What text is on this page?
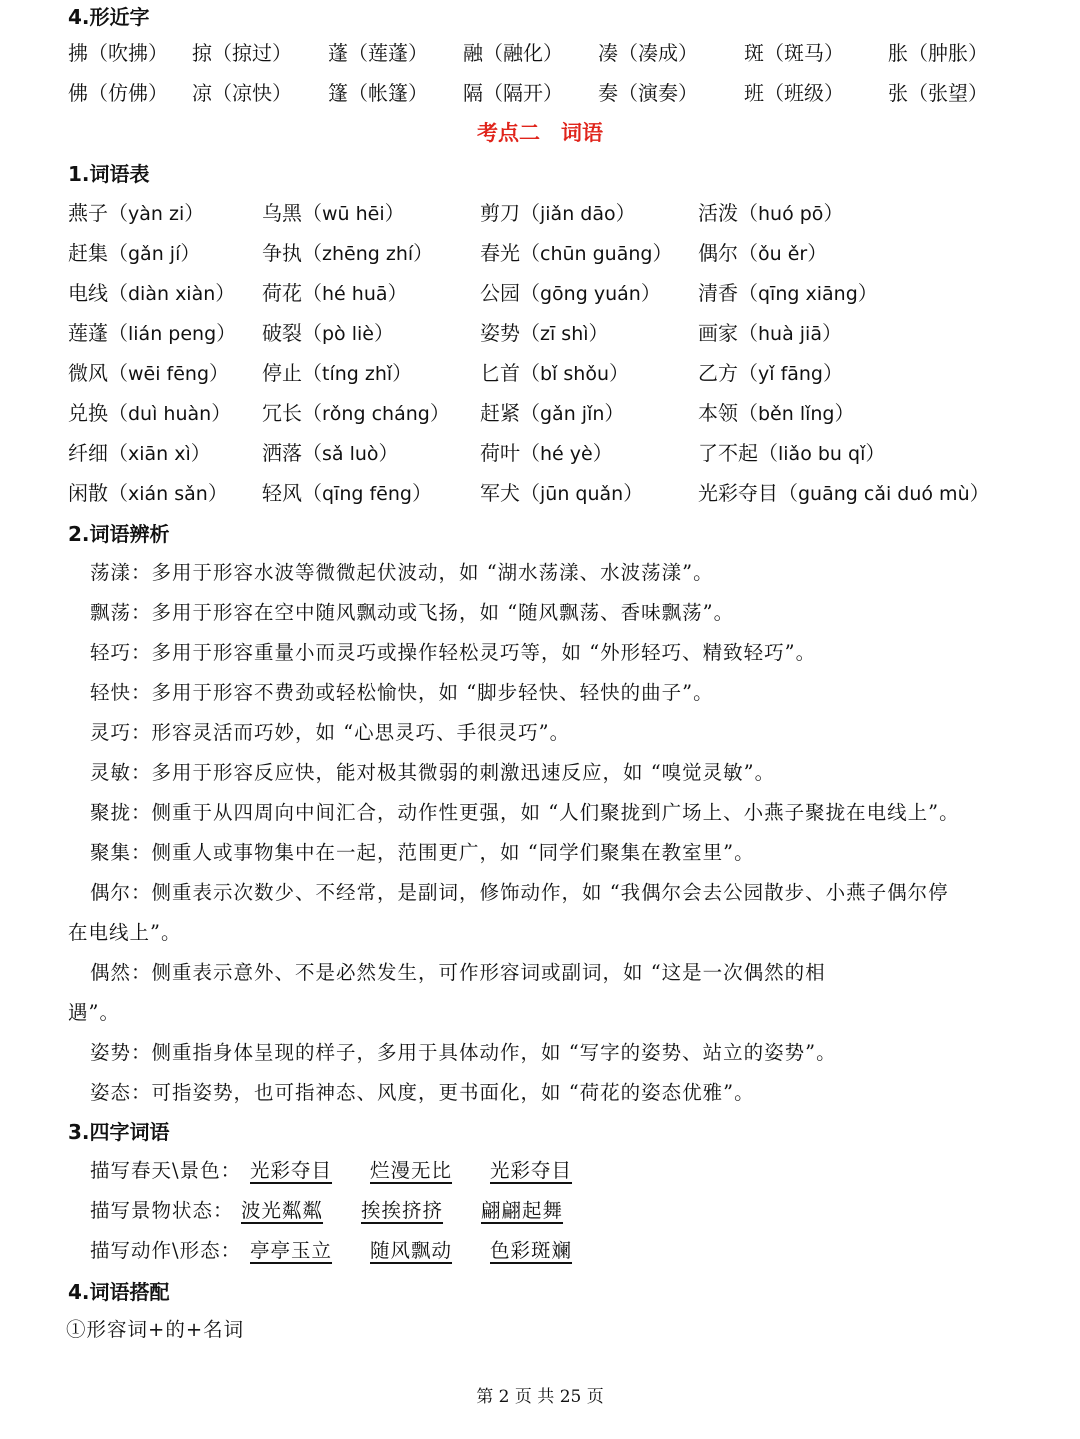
4.形近字
拂（吹拂） 掠（掠过） 蓬（莲蓬） 融（融化） 凑（凑成） 斑（斑马） 胀（肿胀）
佛（仿佛） 凉（凉快） 篷（帐篷） 隔（隔开） 奏（演奏） 班（班级） 张（张望）
考点二　词语
1.词语表
燕子（yàn zi）	乌黑（wū hēi）	剪刀（jiǎn dāo）	活泼（huó pō）
赶集（gǎn jí）	争执（zhēng zhí） 春光（chūn guāng） 偶尔（ǒu ěr）
电线（diàn xiàn） 荷花（hé huā）	公园（gōng yuán） 清香（qīng xiāng）
莲蓬（lián peng） 破裂（pò liè）	姿势（zī shì）	画家（huà jiā）
微风（wēi fēng） 停止（tíng zhǐ）	匕首（bǐ shǒu）	乙方（yǐ fāng）
兑换（duì huàn） 冗长（rǒng cháng） 赶紧（gǎn jǐn）	本领（běn lǐng）
纤细（xiān xì）	洒落（sǎ luò）	荷叶（hé yè）	了不起（liǎo bu qǐ）
闲散（xián sǎn） 轻风（qīng fēng） 军犬（jūn quǎn）	光彩夺目（guāng cǎi duó mù）
2.词语辨析
荡漾：多用于形容水波等微微起伏波动，如 “湖水荡漾、水波荡漾”。
飘荡：多用于形容在空中随风飘动或飞扬，如 “随风飘荡、香味飘荡”。
轻巧：多用于形容重量小而灵巧或操作轻松灵巧等，如 “外形轻巧、精致轻巧”。
轻快：多用于形容不费劲或轻松愉快，如 “脚步轻快、轻快的曲子”。
灵巧：形容灵活而巧妙，如 “心思灵巧、手很灵巧”。
灵敏：多用于形容反应快，能对极其微弱的刺激迅速反应，如 “嗅觉灵敏”。
聚拢：侧重于从四周向中间汇合，动作性更强，如 “人们聚拢到广场上、小燕子聚拢在电线上”。
聚集：侧重人或事物集中在一起，范围更广，如 “同学们聚集在教室里”。
偶尔：侧重表示次数少、不经常，是副词，修饰动作，如 “我偶尔会去公园散步、小燕子偶尔停
在电线上”。
偶然：侧重表示意外、不是必然发生，可作形容词或副词，如 “这是一次偶然的相
遇”。
姿势：侧重指身体呈现的样子，多用于具体动作，如 “写字的姿势、站立的姿势”。
姿态：可指姿势，也可指神态、风度，更书面化，如 “荷花的姿态优雅”。
3.四字词语
描写春天\景色： 光彩夺目 烂漫无比 光彩夺目
描写景物状态： 波光粼粼 挨挨挤挤 翩翩起舞
描写动作\形态： 亭亭玉立 随风飘动 色彩斑斓
4.词语搭配
①形容词+的+名词
第 2 页 共 25 页
